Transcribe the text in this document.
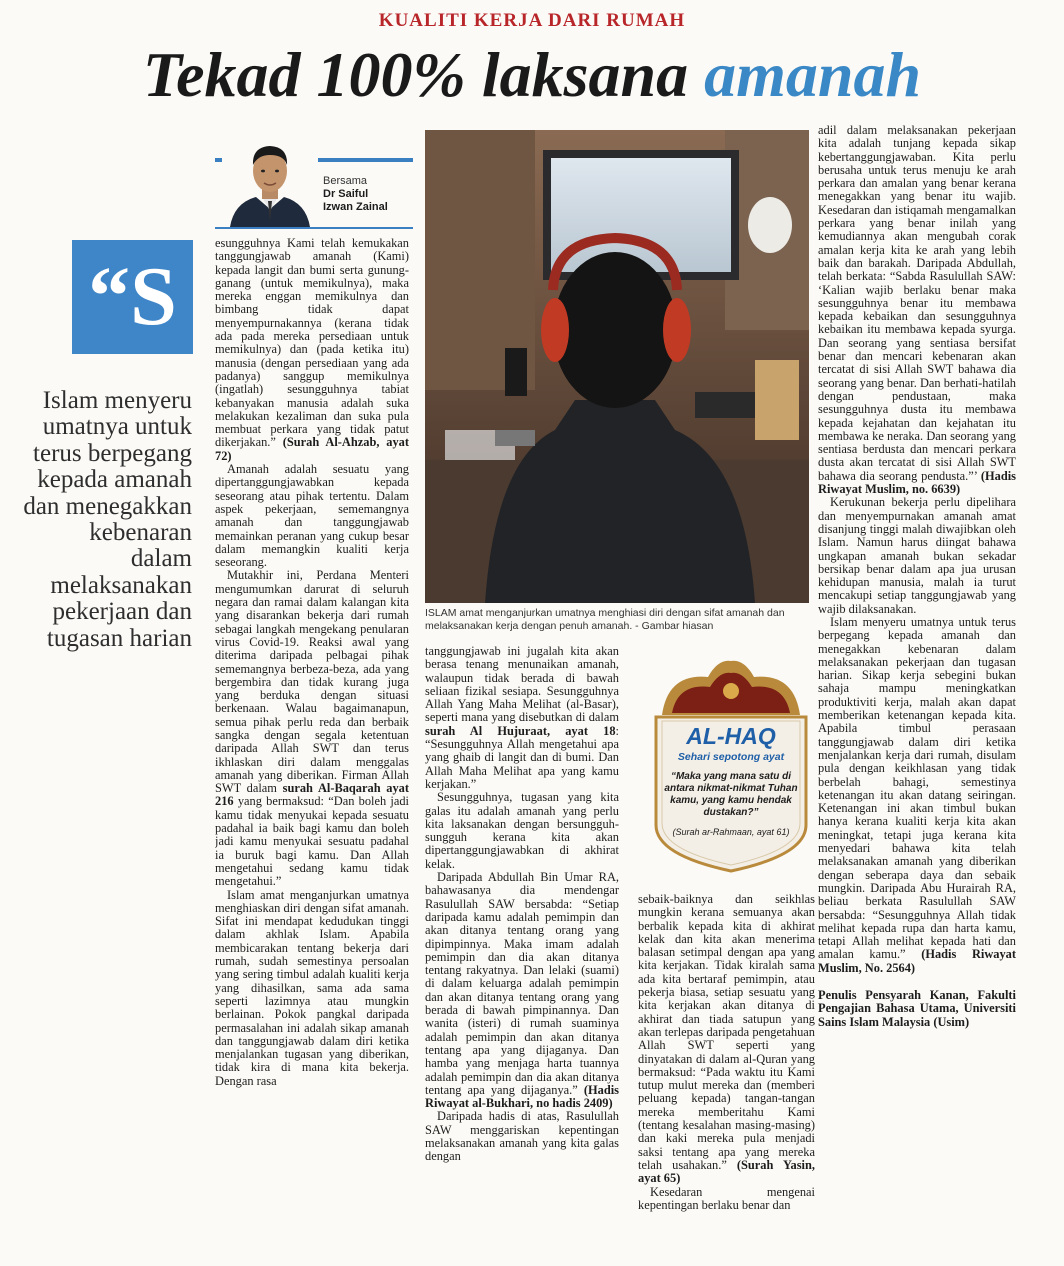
KUALITI KERJA DARI RUMAH
Tekad 100% laksana amanah
Bersama
Dr Saiful
Izwan Zainal
“S
Islam menyeru umatnya untuk terus berpegang kepada amanah dan menegakkan kebenaran dalam melaksanakan pekerjaan dan tugasan harian

esungguhnya Kami telah kemukakan tanggungjawab amanah (Kami) kepada langit dan bumi serta gunung-ganang (untuk memikulnya), maka mereka enggan memikulnya dan bimbang tidak dapat menyempurnakannya (kerana tidak ada pada mereka persediaan untuk memikulnya) dan (pada ketika itu) manusia (dengan persediaan yang ada padanya) sanggup memikulnya (ingatlah) sesungguhnya tabiat kebanyakan manusia adalah suka melakukan kezaliman dan suka pula membuat perkara yang tidak patut dikerjakan.” (Surah Al-Ahzab, ayat 72)

Amanah adalah sesuatu yang dipertanggungjawabkan kepada seseorang atau pihak tertentu. Dalam aspek pekerjaan, sememangnya amanah dan tanggungjawab memainkan peranan yang cukup besar dalam memangkin kualiti kerja seseorang.

Mutakhir ini, Perdana Menteri mengumumkan darurat di seluruh negara dan ramai dalam kalangan kita yang disarankan bekerja dari rumah sebagai langkah mengekang penularan virus Covid-19. Reaksi awal yang diterima daripada pelbagai pihak sememangnya berbeza-beza, ada yang bergembira dan tidak kurang juga yang berduka dengan situasi berkenaan. Walau bagaimanapun, semua pihak perlu reda dan berbaik sangka dengan segala ketentuan daripada Allah SWT dan terus ikhlaskan diri dalam menggalas amanah yang diberikan. Firman Allah SWT dalam surah Al-Baqarah ayat 216 yang bermaksud: “Dan boleh jadi kamu tidak menyukai kepada sesuatu padahal ia baik bagi kamu dan boleh jadi kamu menyukai sesuatu padahal ia buruk bagi kamu. Dan Allah mengetahui sedang kamu tidak mengetahui.”

Islam amat menganjurkan umatnya menghiaskan diri dengan sifat amanah. Sifat ini mendapat kedudukan tinggi dalam akhlak Islam. Apabila membicarakan tentang bekerja dari rumah, sudah semestinya persoalan yang sering timbul adalah kualiti kerja yang dihasilkan, sama ada sama seperti lazimnya atau mungkin berlainan. Pokok pangkal daripada permasalahan ini adalah sikap amanah dan tanggungjawab dalam diri ketika menjalankan tugasan yang diberikan, tidak kira di mana kita bekerja. Dengan rasa

ISLAM amat menganjurkan umatnya menghiasi diri dengan sifat amanah dan melaksanakan kerja dengan penuh amanah. - Gambar hiasan
AL-HAQ
Sehari sepotong ayat
“Maka yang mana satu di antara nikmat-nikmat Tuhan kamu, yang kamu hendak dustakan?”
(Surah ar-Rahmaan, ayat 61)

tanggungjawab ini jugalah kita akan berasa tenang menunaikan amanah, walaupun tidak berada di bawah seliaan fizikal sesiapa. Sesungguhnya Allah Yang Maha Melihat (al-Basar), seperti mana yang disebutkan di dalam surah Al Hujuraat, ayat 18: “Sesungguhnya Allah mengetahui apa yang ghaib di langit dan di bumi. Dan Allah Maha Melihat apa yang kamu kerjakan.”

Sesungguhnya, tugasan yang kita galas itu adalah amanah yang perlu kita laksanakan dengan bersungguh-sungguh kerana kita akan dipertanggungjawabkan di akhirat kelak.

Daripada Abdullah Bin Umar RA, bahawasanya dia mendengar Rasulullah SAW bersabda: “Setiap daripada kamu adalah pemimpin dan akan ditanya tentang orang yang dipimpinnya. Maka imam adalah pemimpin dan dia akan ditanya tentang rakyatnya. Dan lelaki (suami) di dalam keluarga adalah pemimpin dan akan ditanya tentang orang yang berada di bawah pimpinannya. Dan wanita (isteri) di rumah suaminya adalah pemimpin dan akan ditanya tentang apa yang dijaganya. Dan hamba yang menjaga harta tuannya adalah pemimpin dan dia akan ditanya tentang apa yang dijaganya.” (Hadis Riwayat al-Bukhari, no hadis 2409)

Daripada hadis di atas, Rasulullah SAW menggariskan kepentingan melaksanakan amanah yang kita galas dengan

sebaik-baiknya dan seikhlas mungkin kerana semuanya akan berbalik kepada kita di akhirat kelak dan kita akan menerima balasan setimpal dengan apa yang kita kerjakan. Tidak kiralah sama ada kita bertaraf pemimpin, atau pekerja biasa, setiap sesuatu yang kita kerjakan akan ditanya di akhirat dan tiada satupun yang akan terlepas daripada pengetahuan Allah SWT seperti yang dinyatakan di dalam al-Quran yang bermaksud: “Pada waktu itu Kami tutup mulut mereka dan (memberi peluang kepada) tangan-tangan mereka memberitahu Kami (tentang kesalahan masing-masing) dan kaki mereka pula menjadi saksi tentang apa yang mereka telah usahakan.” (Surah Yasin, ayat 65)

Kesedaran mengenai kepentingan berlaku benar dan

adil dalam melaksanakan pekerjaan kita adalah tunjang kepada sikap kebertanggungjawaban. Kita perlu berusaha untuk terus menuju ke arah perkara dan amalan yang benar kerana menegakkan yang benar itu wajib. Kesedaran dan istiqamah mengamalkan perkara yang benar inilah yang kemudiannya akan mengubah corak amalan kerja kita ke arah yang lebih baik dan barakah. Daripada Abdullah, telah berkata: “Sabda Rasulullah SAW: ‘Kalian wajib berlaku benar maka sesungguhnya benar itu membawa kepada kebaikan dan sesungguhnya kebaikan itu membawa kepada syurga. Dan seorang yang sentiasa bersifat benar dan mencari kebenaran akan tercatat di sisi Allah SWT bahawa dia seorang yang benar. Dan berhati-hatilah dengan pendustaan, maka sesungguhnya dusta itu membawa kepada kejahatan dan kejahatan itu membawa ke neraka. Dan seorang yang sentiasa berdusta dan mencari perkara dusta akan tercatat di sisi Allah SWT bahawa dia seorang pendusta.”’ (Hadis Riwayat Muslim, no. 6639)

Kerukunan bekerja perlu dipelihara dan menyempurnakan amanah amat disanjung tinggi malah diwajibkan oleh Islam. Namun harus diingat bahawa ungkapan amanah bukan sekadar bersikap benar dalam apa jua urusan kehidupan manusia, malah ia turut mencakupi setiap tanggungjawab yang wajib dilaksanakan.

Islam menyeru umatnya untuk terus berpegang kepada amanah dan menegakkan kebenaran dalam melaksanakan pekerjaan dan tugasan harian. Sikap kerja sebegini bukan sahaja mampu meningkatkan produktiviti kerja, malah akan dapat memberikan ketenangan kepada kita. Apabila timbul perasaan tanggungjawab dalam diri ketika menjalankan kerja dari rumah, disulam pula dengan keikhlasan yang tidak berbelah bahagi, semestinya ketenangan itu akan datang seiringan. Ketenangan ini akan timbul bukan hanya kerana kualiti kerja kita akan meningkat, tetapi juga kerana kita menyedari bahawa kita telah melaksanakan amanah yang diberikan dengan seberapa daya dan sebaik mungkin. Daripada Abu Hurairah RA, beliau berkata Rasulullah SAW bersabda: “Sesungguhnya Allah tidak melihat kepada rupa dan harta kamu, tetapi Allah melihat kepada hati dan amalan kamu.” (Hadis Riwayat Muslim, No. 2564)

Penulis Pensyarah Kanan, Fakulti Pengajian Bahasa Utama, Universiti Sains Islam Malaysia (Usim)
